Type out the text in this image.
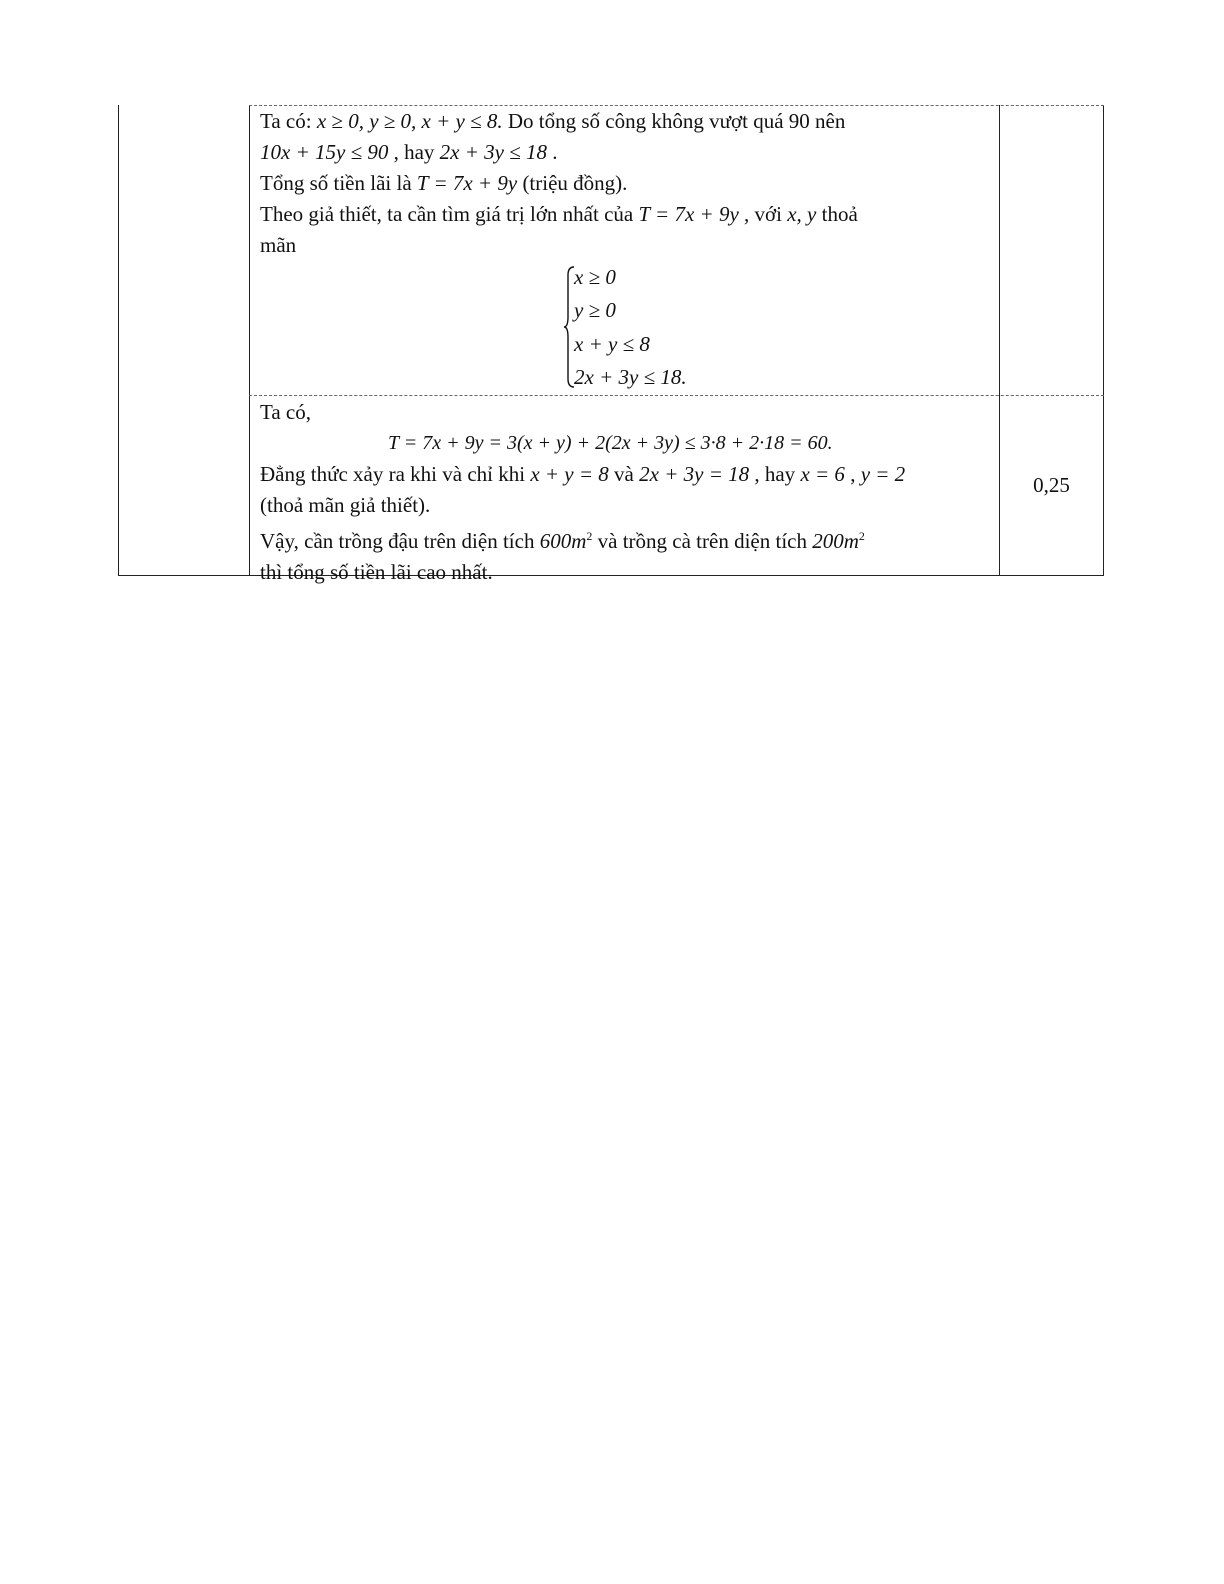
Ta có: x ≥ 0, y ≥ 0, x + y ≤ 8. Do tổng số công không vượt quá 90 nên
10x + 15y ≤ 90 , hay 2x + 3y ≤ 18 .
Tổng số tiền lãi là T = 7x + 9y (triệu đồng).
Theo giả thiết, ta cần tìm giá trị lớn nhất của T = 7x + 9y , với x, y thoả
mãn
x ≥ 0
y ≥ 0
x + y ≤ 8
2x + 3y ≤ 18.
Ta có,
T = 7x + 9y = 3(x + y) + 2(2x + 3y) ≤ 3·8 + 2·18 = 60.
Đẳng thức xảy ra khi và chỉ khi x + y = 8 và 2x + 3y = 18 , hay x = 6 , y = 2
(thoả mãn giả thiết).
Vậy, cần trồng đậu trên diện tích $600m^2$ và trồng cà trên diện tích $200m^2$
thì tổng số tiền lãi cao nhất.
0,25
